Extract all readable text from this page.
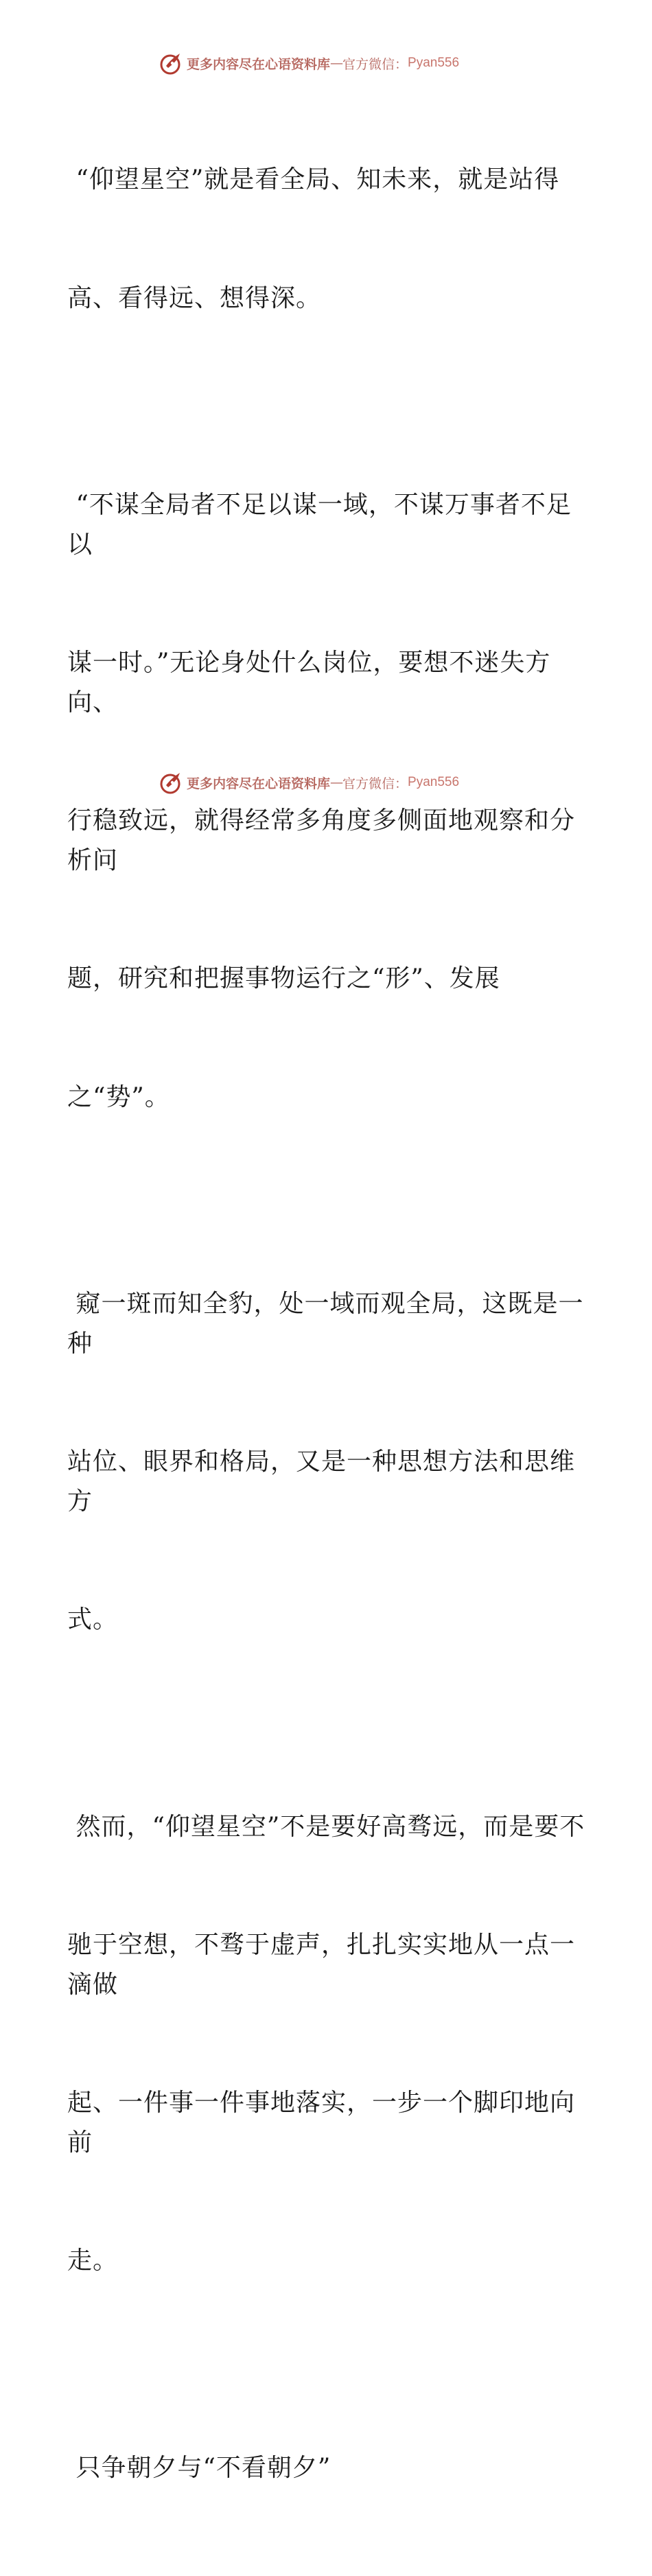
更多内容尽在心语资料库 — 官方微信： Pyan556

“仰望星空”就是看全局、知未来，就是站得

高、看得远、想得深。

“不谋全局者不足以谋一域，不谋万事者不足以

谋一时。”无论身处什么岗位，要想不迷失方向、

行稳致远，就得经常多角度多侧面地观察和分析问

题，研究和把握事物运行之“形”、发展

之“势”。

窥一斑而知全豹，处一域而观全局，这既是一种

站位、眼界和格局，又是一种思想方法和思维方

式。

然而，“仰望星空”不是要好高骛远，而是要不

驰于空想，不骛于虚声，扎扎实实地从一点一滴做

起、一件事一件事地落实，一步一个脚印地向前

走。

只争朝夕与“不看朝夕”

更多内容尽在心语资料库 — 官方微信： Pyan556
